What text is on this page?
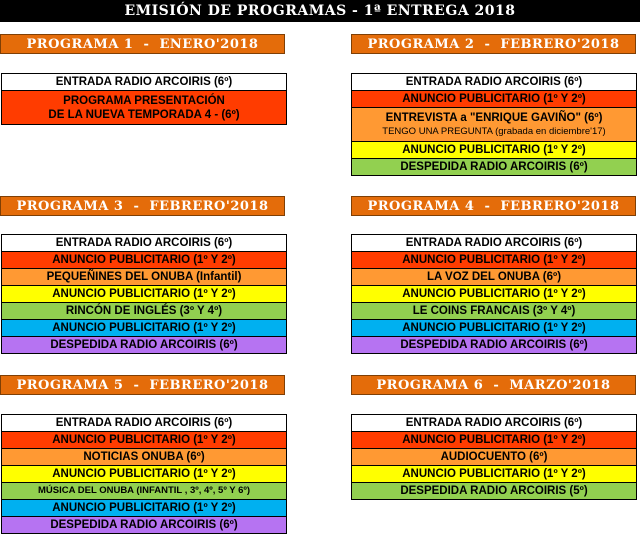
EMISIÓN DE PROGRAMAS - 1ª ENTREGA 2018
PROGRAMA 1  -  ENERO'2018
ENTRADA RADIO ARCOIRIS (6º)
PROGRAMA PRESENTACIÓN
DE LA NUEVA TEMPORADA 4 - (6º)
PROGRAMA 2  -  FEBRERO'2018
ENTRADA RADIO ARCOIRIS (6º)
ANUNCIO PUBLICITARIO (1º Y 2º)
ENTREVISTA a "ENRIQUE GAVIÑO" (6º)
TENGO UNA PREGUNTA (grabada en diciembre'17)
ANUNCIO PUBLICITARIO (1º Y 2º)
DESPEDIDA RADIO ARCOIRIS (6º)
PROGRAMA 3  -  FEBRERO'2018
ENTRADA RADIO ARCOIRIS (6º)
ANUNCIO PUBLICITARIO (1º Y 2º)
PEQUEÑINES DEL ONUBA (Infantil)
ANUNCIO PUBLICITARIO (1º Y 2º)
RINCÓN DE INGLÉS (3º Y 4º)
ANUNCIO PUBLICITARIO (1º Y 2º)
DESPEDIDA RADIO ARCOIRIS (6º)
PROGRAMA 4  -  FEBRERO'2018
ENTRADA RADIO ARCOIRIS (6º)
ANUNCIO PUBLICITARIO (1º Y 2º)
LA VOZ DEL ONUBA (6º)
ANUNCIO PUBLICITARIO (1º Y 2º)
LE COINS FRANCAIS (3º Y 4º)
ANUNCIO PUBLICITARIO (1º Y 2º)
DESPEDIDA RADIO ARCOIRIS (6º)
PROGRAMA 5  -  FEBRERO'2018
ENTRADA RADIO ARCOIRIS (6º)
ANUNCIO PUBLICITARIO (1º Y 2º)
NOTICIAS ONUBA (6º)
ANUNCIO PUBLICITARIO (1º Y 2º)
MÚSICA DEL ONUBA (INFANTIL , 3º, 4º, 5º Y 6º)
ANUNCIO PUBLICITARIO (1º Y 2º)
DESPEDIDA RADIO ARCOIRIS (6º)
PROGRAMA 6  -  MARZO'2018
ENTRADA RADIO ARCOIRIS (6º)
ANUNCIO PUBLICITARIO (1º Y 2º)
AUDIOCUENTO (6º)
ANUNCIO PUBLICITARIO (1º Y 2º)
DESPEDIDA RADIO ARCOIRIS (5º)
